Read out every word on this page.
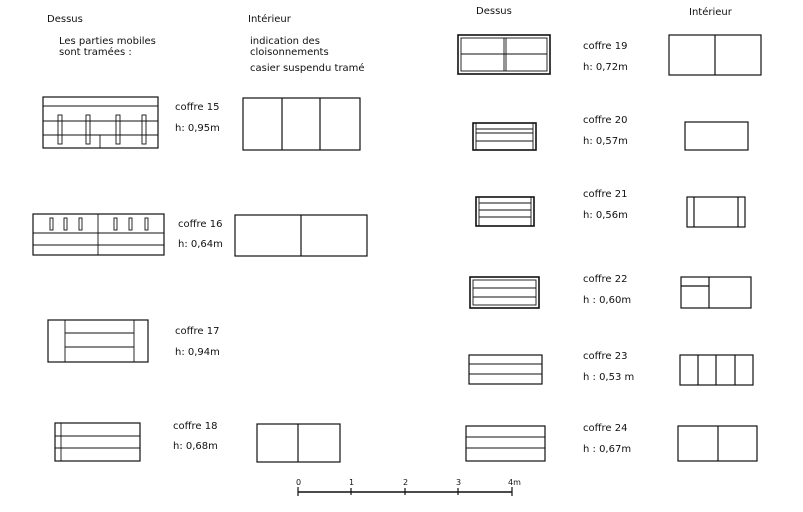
Dessus	Intérieur
Dessus	Intérieur
Les parties mobiles
sont tramées :
indication des
cloisonnements
casier suspendu tramé
coffre 15
h: 0,95m
coffre 16
h: 0,64m
coffre 17
h: 0,94m
coffre 18
h: 0,68m
coffre 19
h: 0,72m
coffre 20
h: 0,57m
coffre 21
h: 0,56m
coffre 22
h : 0,60m
coffre 23
h : 0,53 m
coffre 24
h : 0,67m
0	1	2	3	4m
